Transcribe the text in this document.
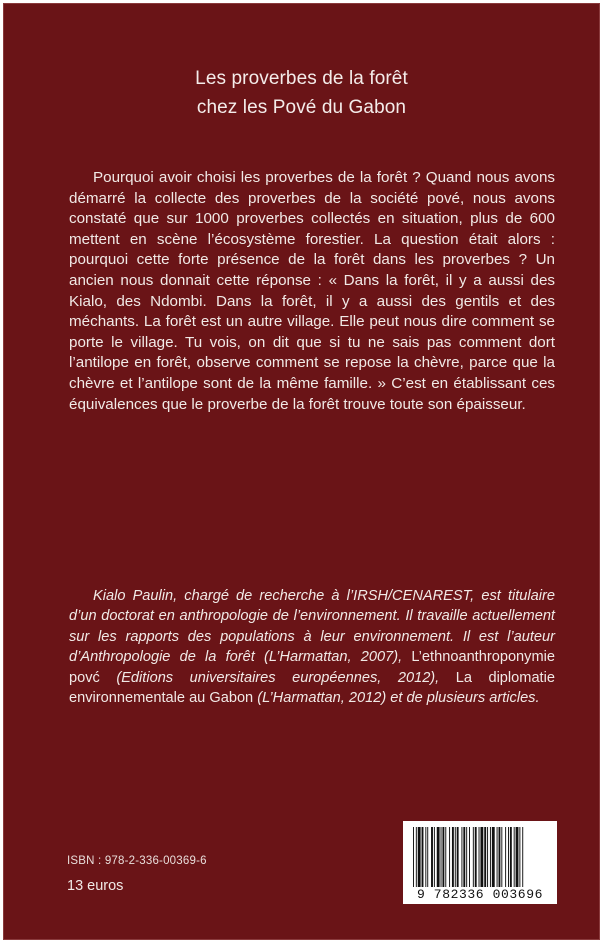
Les proverbes de la forêt
chez les Pové du Gabon

Pourquoi avoir choisi les proverbes de la forêt ? Quand nous avons démarré la collecte des proverbes de la société pové, nous avons constaté que sur 1000 proverbes collectés en situation, plus de 600 mettent en scène l’écosystème forestier. La question était alors : pourquoi cette forte présence de la forêt dans les proverbes ? Un ancien nous donnait cette réponse : « Dans la forêt, il y a aussi des Kialo, des Ndombi. Dans la forêt, il y a aussi des gentils et des méchants. La forêt est un autre village. Elle peut nous dire comment se porte le village. Tu vois, on dit que si tu ne sais pas comment dort l’antilope en forêt, observe comment se repose la chèvre, parce que la chèvre et l’antilope sont de la même famille. » C’est en établissant ces équivalences que le proverbe de la forêt trouve toute son épaisseur.

Kialo Paulin, chargé de recherche à l’IRSH/CENAREST, est titulaire d’un doctorat en anthropologie de l’environnement. Il travaille actuellement sur les rapports des populations à leur environnement. Il est l’auteur d’Anthropologie de la forêt (L’Harmattan, 2007), L’ethnoanthroponymie povć (Editions universitaires européennes, 2012), La diplomatie environnementale au Gabon (L’Harmattan, 2012) et de plusieurs articles.

ISBN : 978-2-336-00369-6
13 euros
9 782336 003696
